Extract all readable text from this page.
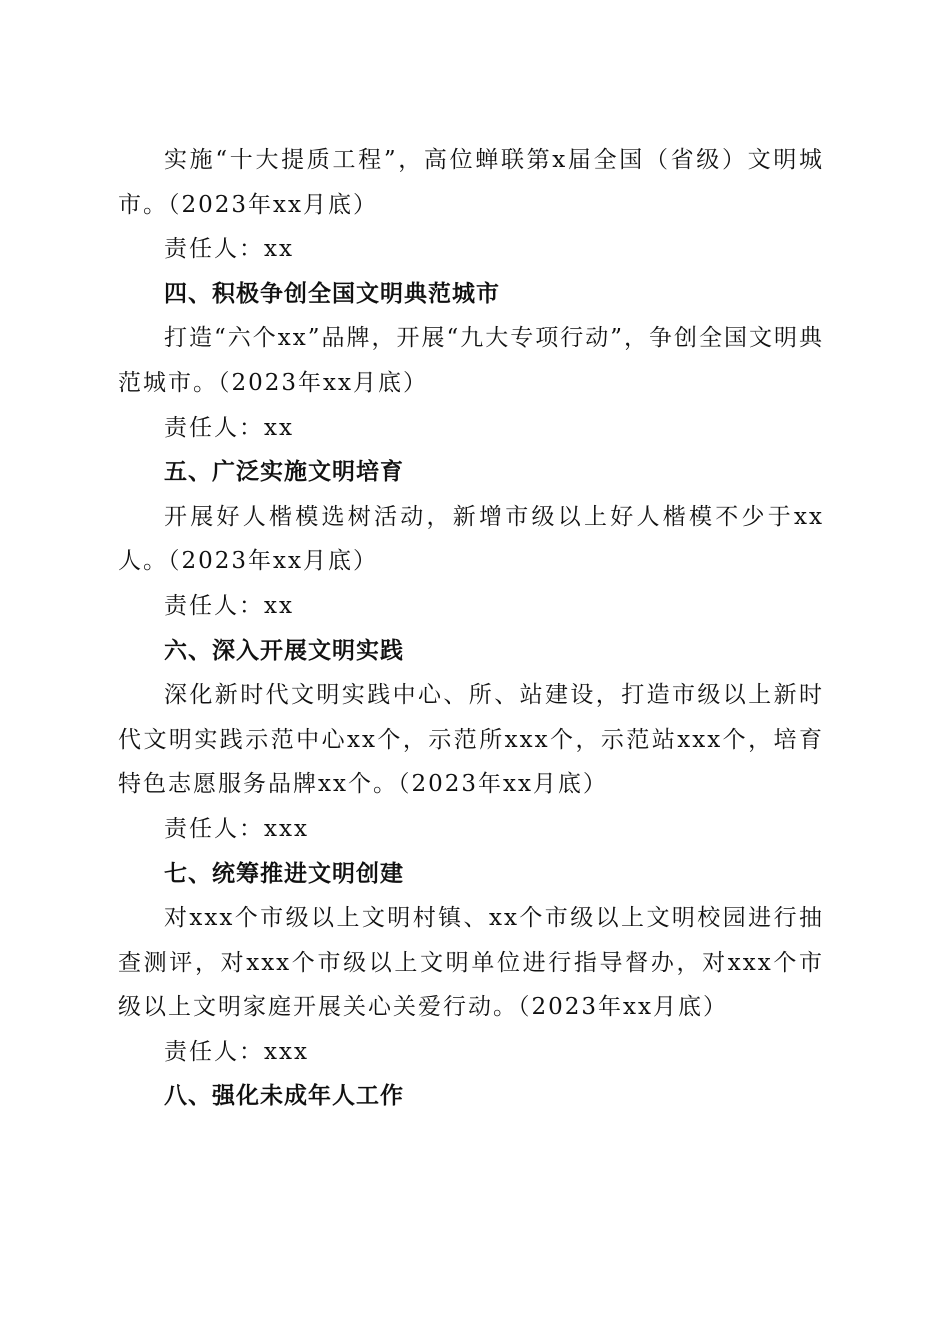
实施“十大提质工程”，高位蝉联第x届全国（省级）文明城市。（2023年xx月底）

责任人：xx

四、积极争创全国文明典范城市

打造“六个xx”品牌，开展“九大专项行动”，争创全国文明典范城市。（2023年xx月底）

责任人：xx

五、广泛实施文明培育

开展好人楷模选树活动，新增市级以上好人楷模不少于xx人。（2023年xx月底）

责任人：xx

六、深入开展文明实践

深化新时代文明实践中心、所、站建设，打造市级以上新时代文明实践示范中心xx个，示范所xxx个，示范站xxx个，培育特色志愿服务品牌xx个。（2023年xx月底）

责任人：xxx

七、统筹推进文明创建

对xxx个市级以上文明村镇、xx个市级以上文明校园进行抽查测评，对xxx个市级以上文明单位进行指导督办，对xxx个市级以上文明家庭开展关心关爱行动。（2023年xx月底）

责任人：xxx

八、强化未成年人工作
